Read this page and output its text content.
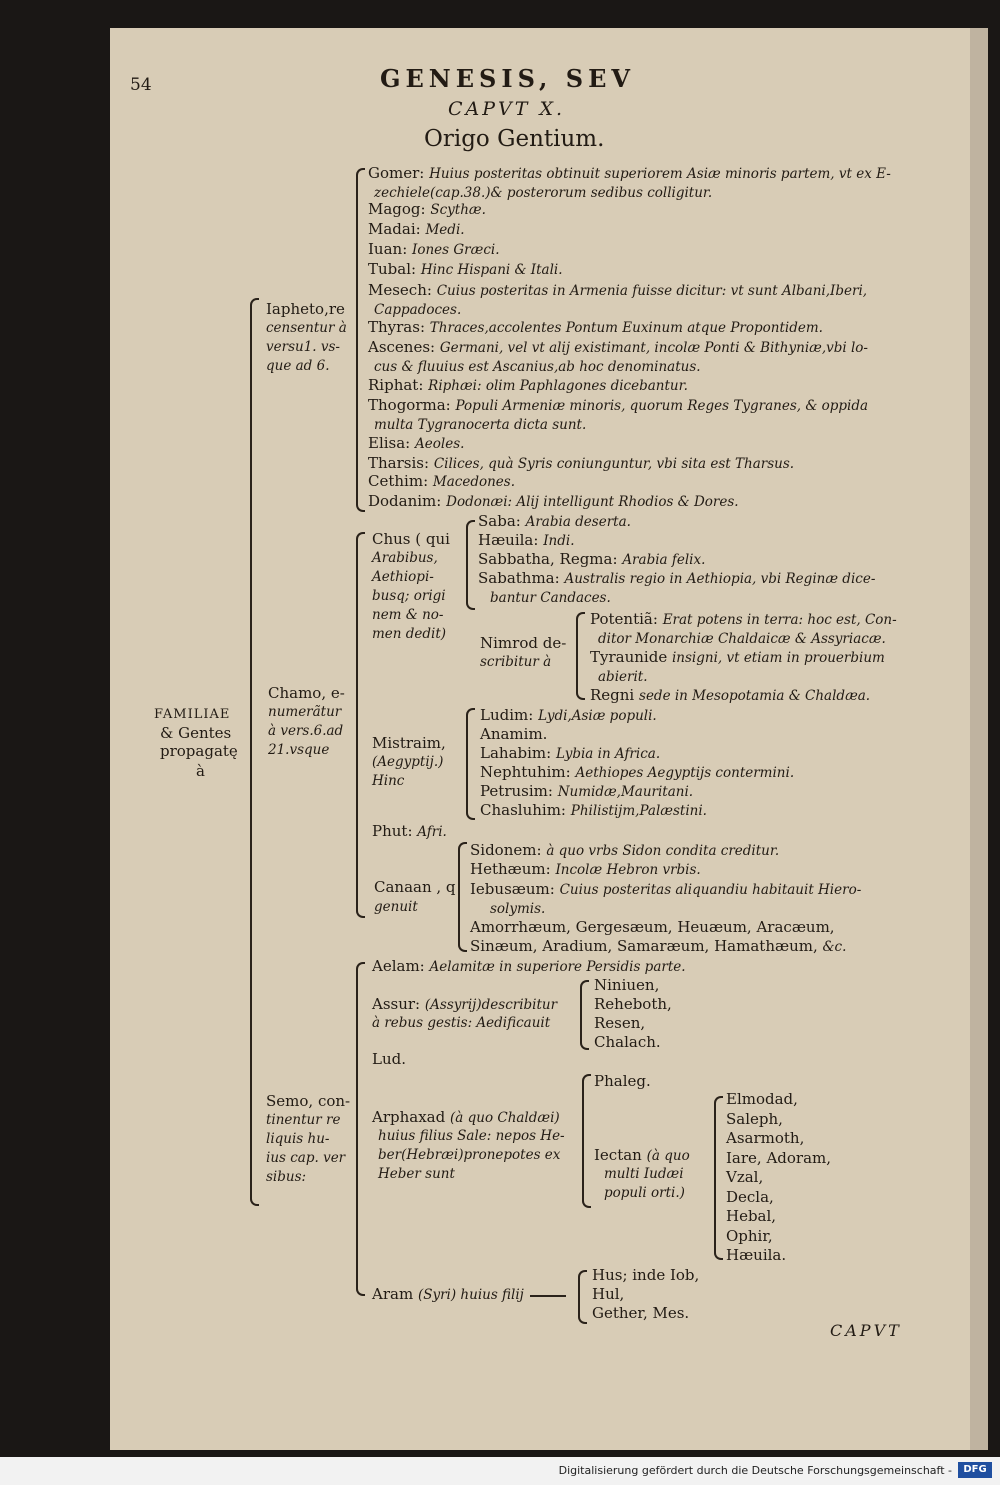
54	GENESIS, SEV
CAPVT X.
Origo Gentium.
FAMILIAE
& Gentes
propagatę
à
Iapheto,re
censentur à
versu1. vs-
que ad 6.
Gomer: Huius posteritas obtinuit superiorem Asiæ minoris partem, vt ex E-
zechiele(cap.38.)& posterorum sedibus colligitur.
Magog: Scythæ.
Madai: Medi.
Iuan: Iones Græci.
Tubal: Hinc Hispani & Itali.
Mesech: Cuius posteritas in Armenia fuisse dicitur: vt sunt Albani,Iberi,
Cappadoces.
Thyras: Thraces,accolentes Pontum Euxinum atque Propontidem.
Ascenes: Germani, vel vt alij existimant, incolæ Ponti & Bithyniæ,vbi lo-
cus & fluuius est Ascanius,ab hoc denominatus.
Riphat: Riphæi: olim Paphlagones dicebantur.
Thogorma: Populi Armeniæ minoris, quorum Reges Tygranes, & oppida
multa Tygranocerta dicta sunt.
Elisa: Aeoles.
Tharsis: Cilices, quà Syris coniunguntur, vbi sita est Tharsus.
Cethim: Macedones.
Dodanim: Dodonæi: Alij intelligunt Rhodios & Dores.
Chamo, e-
numerãtur
à vers.6.ad
21.vsque
Chus ( qui
Arabibus,
Aethiopi-
busq; origi
nem & no-
men dedit)
Saba: Arabia deserta.
Hæuila: Indi.
Sabbatha, Regma: Arabia felix.
Sabathma: Australis regio in Aethiopia, vbi Reginæ dice-
bantur Candaces.
Nimrod de-
scribitur à
Potentiã: Erat potens in terra: hoc est, Con-
ditor Monarchiæ Chaldaicæ & Assyriacæ.
Tyraunide insigni, vt etiam in prouerbium
abierit.
Regni sede in Mesopotamia & Chaldæa.
Mistraim,
(Aegyptij.)
Hinc
Ludim: Lydi,Asiæ populi.
Anamim.
Lahabim: Lybia in Africa.
Nephtuhim: Aethiopes Aegyptijs contermini.
Petrusim: Numidæ,Mauritani.
Chasluhim: Philistijm,Palæstini.
Phut: Afri.
Canaan , q
genuit
Sidonem: à quo vrbs Sidon condita creditur.
Hethæum: Incolæ Hebron vrbis.
Iebusæum: Cuius posteritas aliquandiu habitauit Hiero-
solymis.
Amorrhæum, Gergesæum, Heuæum, Aracæum,
Sinæum, Aradium, Samaræum, Hamathæum, &c.
Semo, con-
tinentur re
liquis hu-
ius cap. ver
sibus:
Aelam: Aelamitæ in superiore Persidis parte.
Assur: (Assyrij)describitur
à rebus gestis: Aedificauit
Niniuen,
Reheboth,
Resen,
Chalach.
Lud.
Arphaxad (à quo Chaldæi)
huius filius Sale: nepos He-
ber(Hebræi)pronepotes ex
Heber sunt
Phaleg.
Iectan (à quo
multi Iudæi
populi orti.)
Elmodad,
Saleph,
Asarmoth,
Iare, Adoram,
Vzal,
Decla,
Hebal,
Ophir,
Hæuila.
Aram (Syri) huius filij
Hus; inde Iob,
Hul,
Gether, Mes.
CAPVT
Digitalisierung gefördert durch die Deutsche Forschungsgemeinschaft -	DFG
